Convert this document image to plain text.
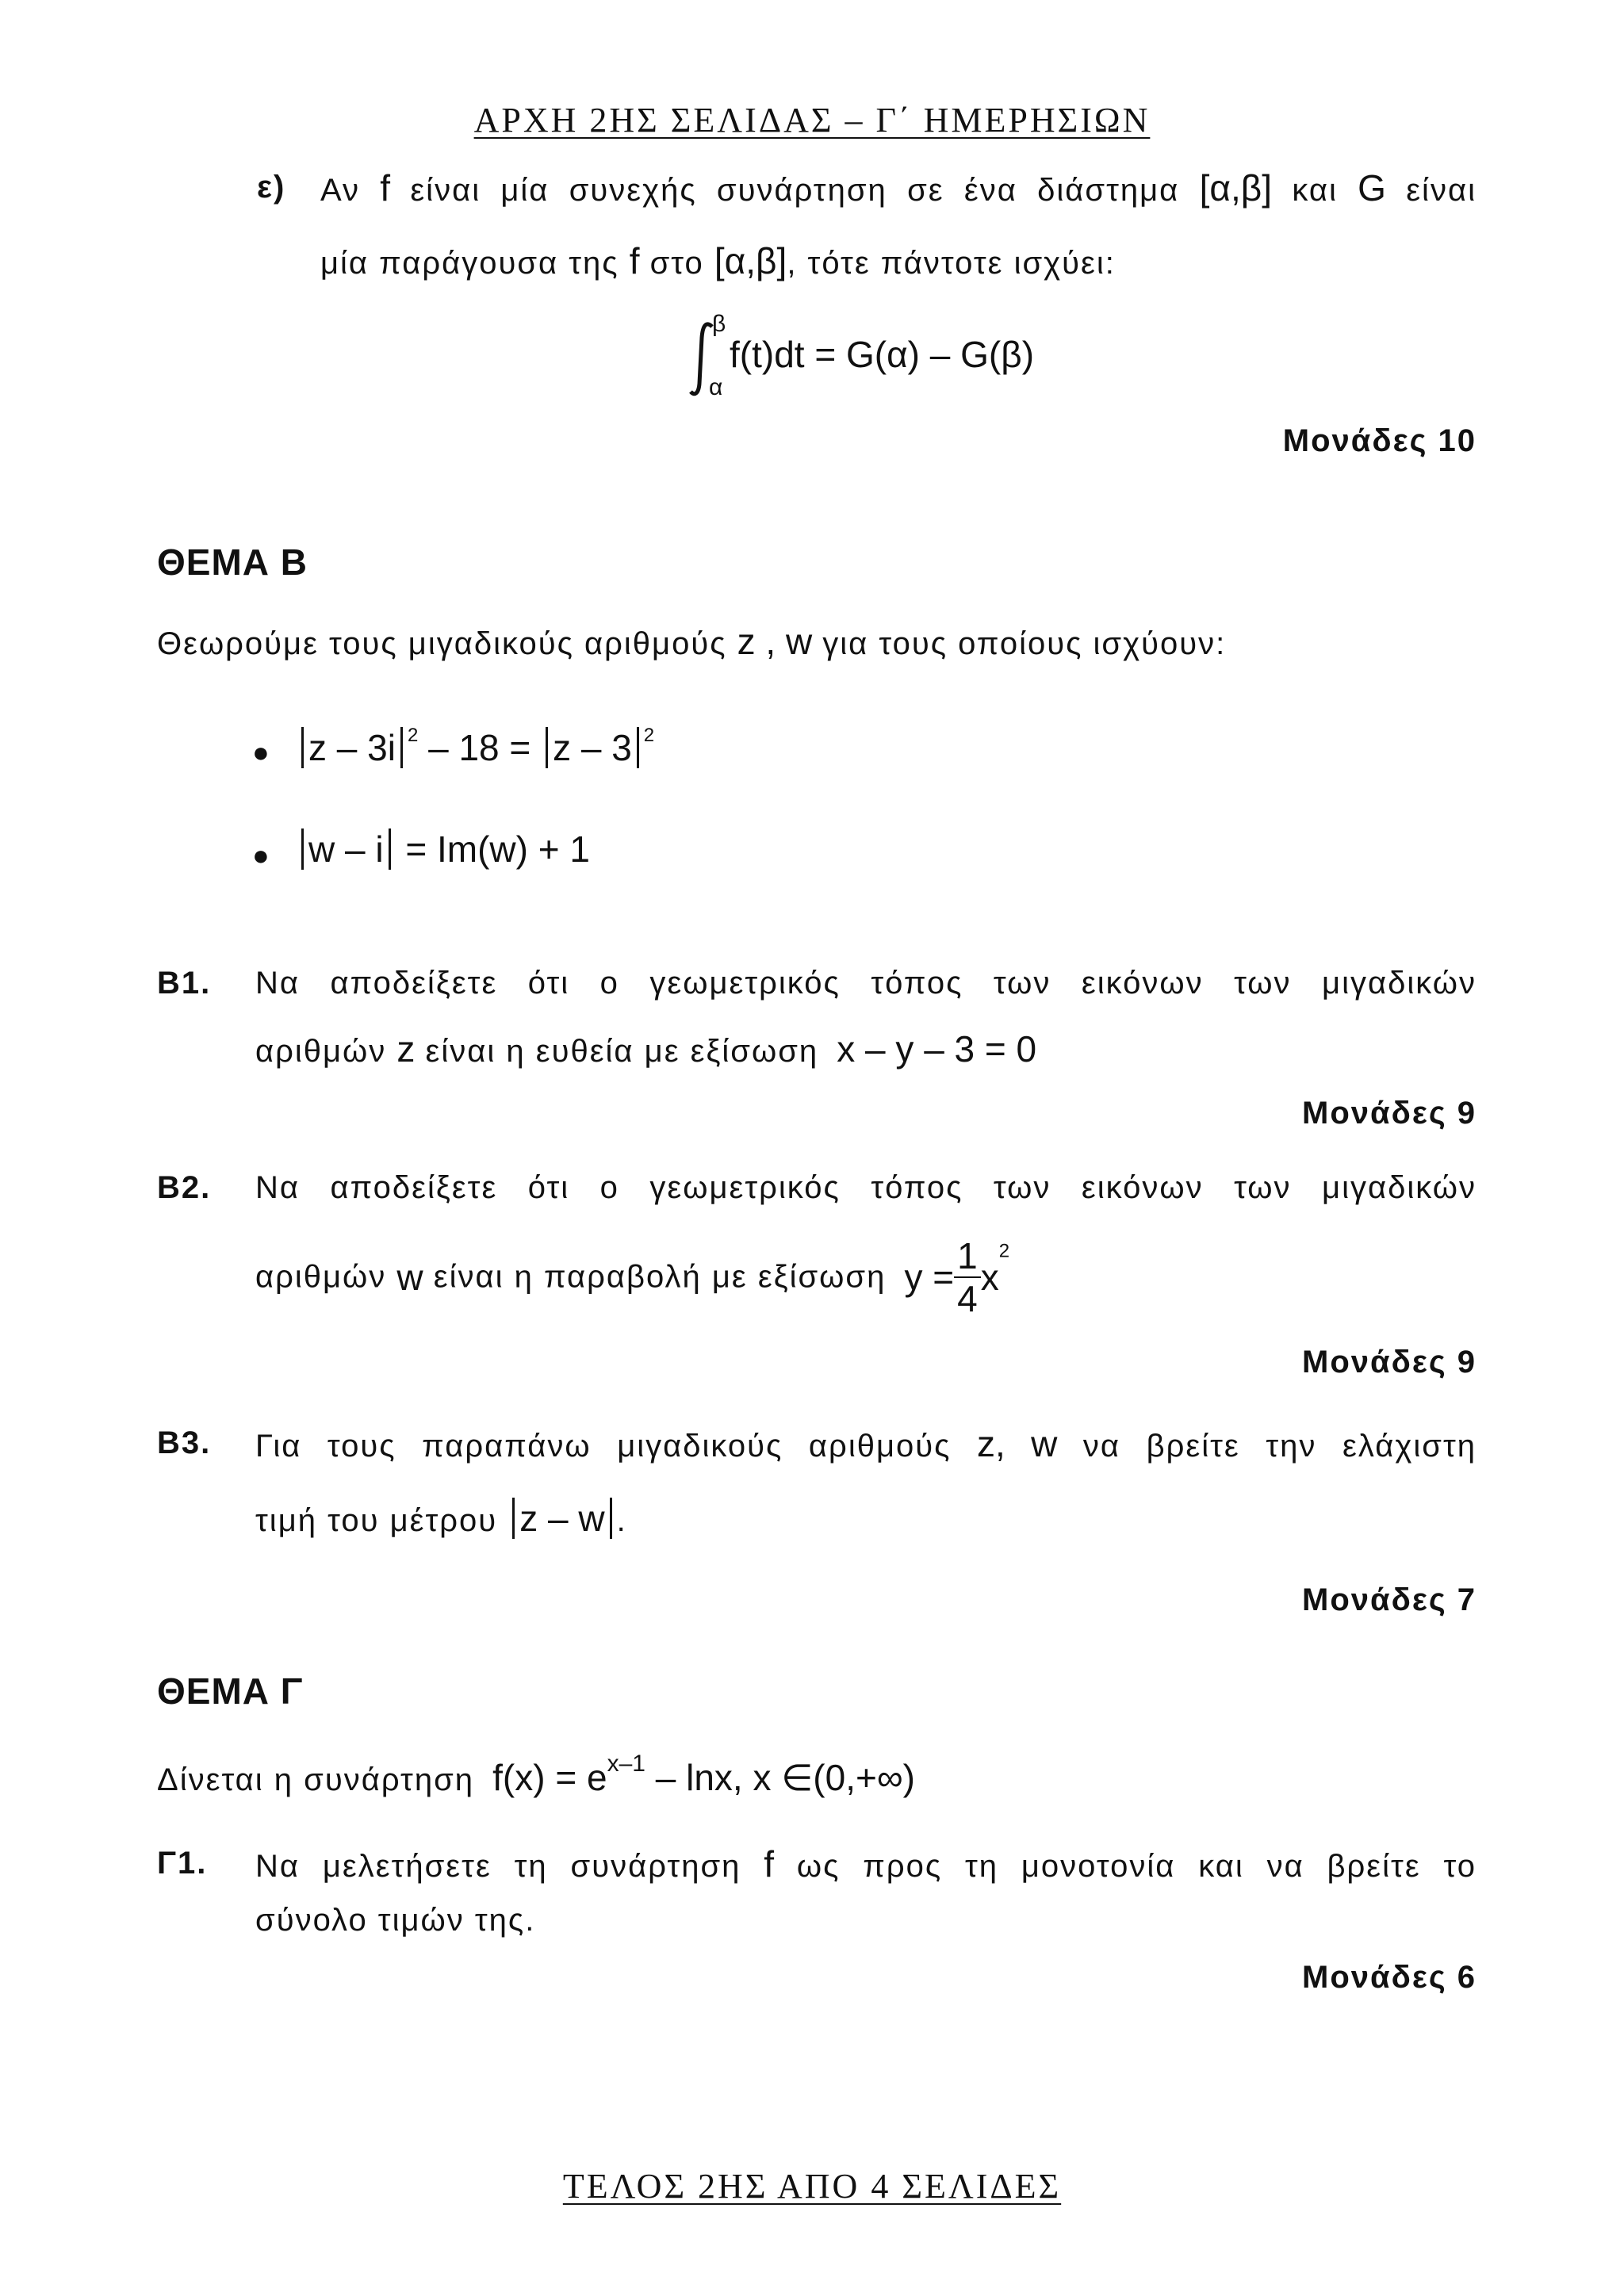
ΑΡΧΗ 2ΗΣ ΣΕΛΙΔΑΣ – Γ΄ ΗΜΕΡΗΣΙΩΝ
ε) Αν f είναι μία συνεχής συνάρτηση σε ένα διάστημα [α,β] και G είναι
μία παράγουσα της f στο [α,β], τότε πάντοτε ισχύει:
β
α
f(t)dt = G(α) – G(β)
Μονάδες 10
ΘΕΜΑ Β
Θεωρούμε τους μιγαδικούς αριθμούς z , w για τους οποίους ισχύουν:
●	z – 3i $^2$ – 18 = z – 3 $^2$
●	w – i = Im(w) + 1
Β1. Να αποδείξετε ότι ο γεωμετρικός τόπος των εικόνων των μιγαδικών
αριθμών z είναι η ευθεία με εξίσωση x – y – 3 = 0
Μονάδες 9
Β2. Να αποδείξετε ότι ο γεωμετρικός τόπος των εικόνων των μιγαδικών
αριθμών w είναι η παραβολή με εξίσωση $y = \frac{1}{4} x^2$
Μονάδες 9
Β3. Για τους παραπάνω μιγαδικούς αριθμούς z, w να βρείτε την ελάχιστη
τιμή του μέτρου z – w .
Μονάδες 7
ΘΕΜΑ Γ
Δίνεται η συνάρτηση $f(x) = e^{x-1} - \ln x$, x ∈(0,+∞)
Γ1. Να μελετήσετε τη συνάρτηση f ως προς τη μονοτονία και να βρείτε το
σύνολο τιμών της.
Μονάδες 6
ΤΕΛΟΣ 2ΗΣ ΑΠΟ 4 ΣΕΛΙΔΕΣ
